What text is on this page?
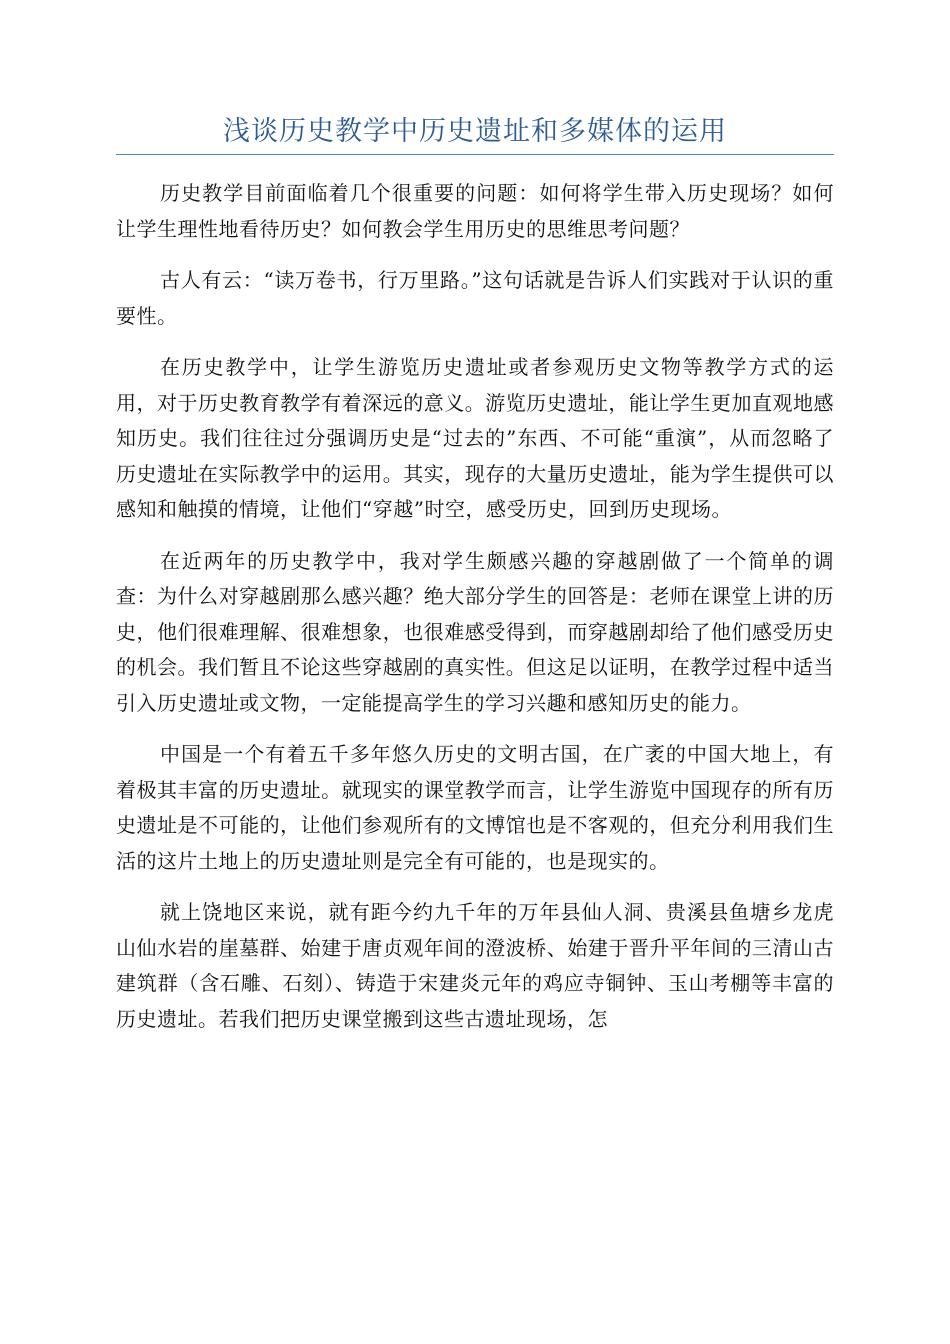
浅谈历史教学中历史遗址和多媒体的运用

历史教学目前面临着几个很重要的问题：如何将学生带入历史现场？如何让学生理性地看待历史？如何教会学生用历史的思维思考问题？

古人有云：“读万卷书，行万里路。”这句话就是告诉人们实践对于认识的重要性。

在历史教学中，让学生游览历史遗址或者参观历史文物等教学方式的运用，对于历史教育教学有着深远的意义。游览历史遗址，能让学生更加直观地感知历史。我们往往过分强调历史是“过去的”东西、不可能“重演”，从而忽略了历史遗址在实际教学中的运用。其实，现存的大量历史遗址，能为学生提供可以感知和触摸的情境，让他们“穿越”时空，感受历史，回到历史现场。

在近两年的历史教学中，我对学生颇感兴趣的穿越剧做了一个简单的调查：为什么对穿越剧那么感兴趣？绝大部分学生的回答是：老师在课堂上讲的历史，他们很难理解、很难想象，也很难感受得到，而穿越剧却给了他们感受历史的机会。我们暂且不论这些穿越剧的真实性。但这足以证明，在教学过程中适当引入历史遗址或文物，一定能提高学生的学习兴趣和感知历史的能力。

中国是一个有着五千多年悠久历史的文明古国，在广袤的中国大地上，有着极其丰富的历史遗址。就现实的课堂教学而言，让学生游览中国现存的所有历史遗址是不可能的，让他们参观所有的文博馆也是不客观的，但充分利用我们生活的这片土地上的历史遗址则是完全有可能的，也是现实的。

就上饶地区来说，就有距今约九千年的万年县仙人洞、贵溪县鱼塘乡龙虎山仙水岩的崖墓群、始建于唐贞观年间的澄波桥、始建于晋升平年间的三清山古建筑群（含石雕、石刻）、铸造于宋建炎元年的鸡应寺铜钟、玉山考棚等丰富的历史遗址。若我们把历史课堂搬到这些古遗址现场，怎
